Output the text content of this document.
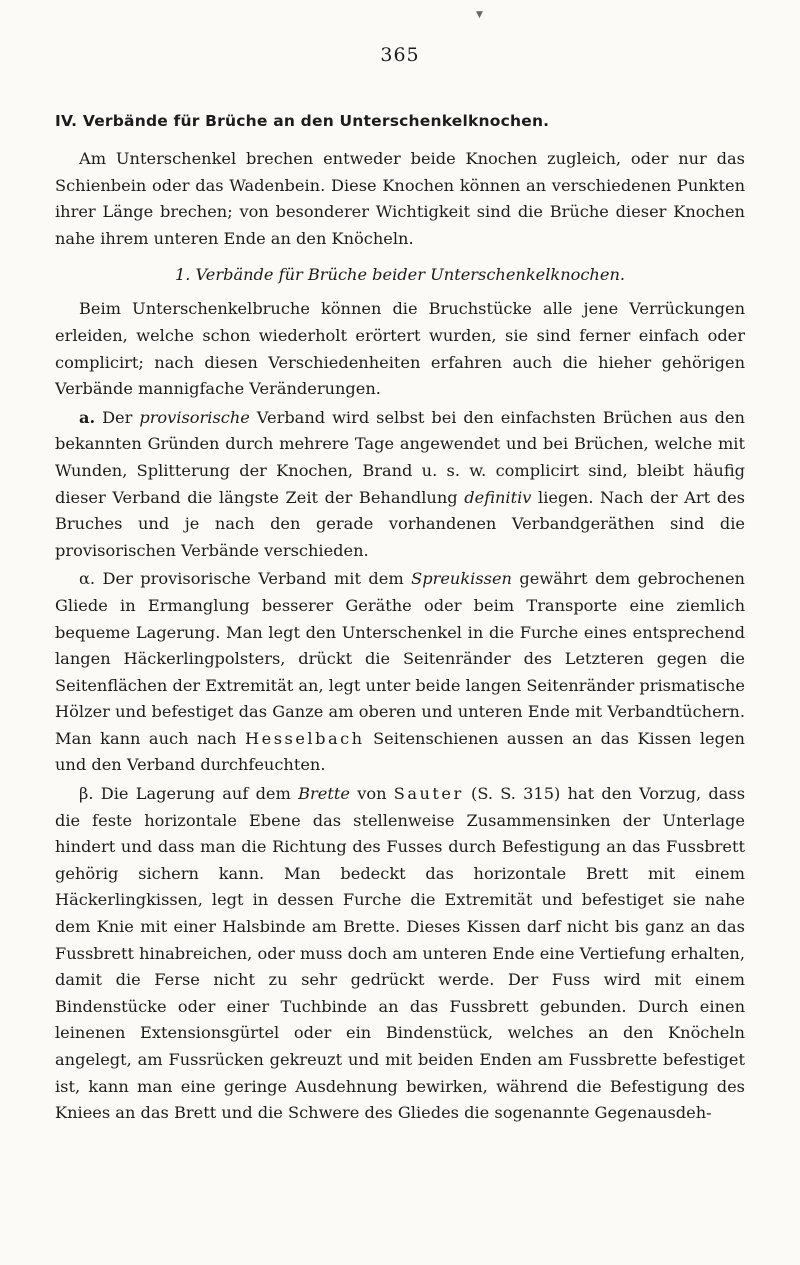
▼
365
IV. Verbände für Brüche an den Unterschenkelknochen.

Am Unterschenkel brechen entweder beide Knochen zugleich, oder nur das Schienbein oder das Wadenbein. Diese Knochen können an verschiedenen Punkten ihrer Länge brechen; von besonderer Wichtigkeit sind die Brüche dieser Knochen nahe ihrem unteren Ende an den Knöcheln.

1. Verbände für Brüche beider Unterschenkelknochen.

Beim Unterschenkelbruche können die Bruchstücke alle jene Verrückungen erleiden, welche schon wiederholt erörtert wurden, sie sind ferner einfach oder complicirt; nach diesen Verschiedenheiten erfahren auch die hieher gehörigen Verbände mannigfache Veränderungen.

a. Der provisorische Verband wird selbst bei den einfachsten Brüchen aus den bekannten Gründen durch mehrere Tage angewendet und bei Brüchen, welche mit Wunden, Splitterung der Knochen, Brand u. s. w. complicirt sind, bleibt häufig dieser Verband die längste Zeit der Behandlung definitiv liegen. Nach der Art des Bruches und je nach den gerade vorhandenen Verbandgeräthen sind die provisorischen Verbände verschieden.

α. Der provisorische Verband mit dem Spreukissen gewährt dem gebrochenen Gliede in Ermanglung besserer Geräthe oder beim Transporte eine ziemlich bequeme Lagerung. Man legt den Unterschenkel in die Furche eines entsprechend langen Häckerlingpolsters, drückt die Seitenränder des Letzteren gegen die Seitenflächen der Extremität an, legt unter beide langen Seitenränder prismatische Hölzer und befestiget das Ganze am oberen und unteren Ende mit Verbandtüchern. Man kann auch nach Hesselbach Seitenschienen aussen an das Kissen legen und den Verband durchfeuchten.

β. Die Lagerung auf dem Brette von Sauter (S. S. 315) hat den Vorzug, dass die feste horizontale Ebene das stellenweise Zusammensinken der Unterlage hindert und dass man die Richtung des Fusses durch Befestigung an das Fussbrett gehörig sichern kann. Man bedeckt das horizontale Brett mit einem Häckerlingkissen, legt in dessen Furche die Extremität und befestiget sie nahe dem Knie mit einer Halsbinde am Brette. Dieses Kissen darf nicht bis ganz an das Fussbrett hinabreichen, oder muss doch am unteren Ende eine Vertiefung erhalten, damit die Ferse nicht zu sehr gedrückt werde. Der Fuss wird mit einem Bindenstücke oder einer Tuchbinde an das Fussbrett gebunden. Durch einen leinenen Extensionsgürtel oder ein Bindenstück, welches an den Knöcheln angelegt, am Fussrücken gekreuzt und mit beiden Enden am Fussbrette befestiget ist, kann man eine geringe Ausdehnung bewirken, während die Befestigung des Kniees an das Brett und die Schwere des Gliedes die sogenannte Gegenausdeh-
